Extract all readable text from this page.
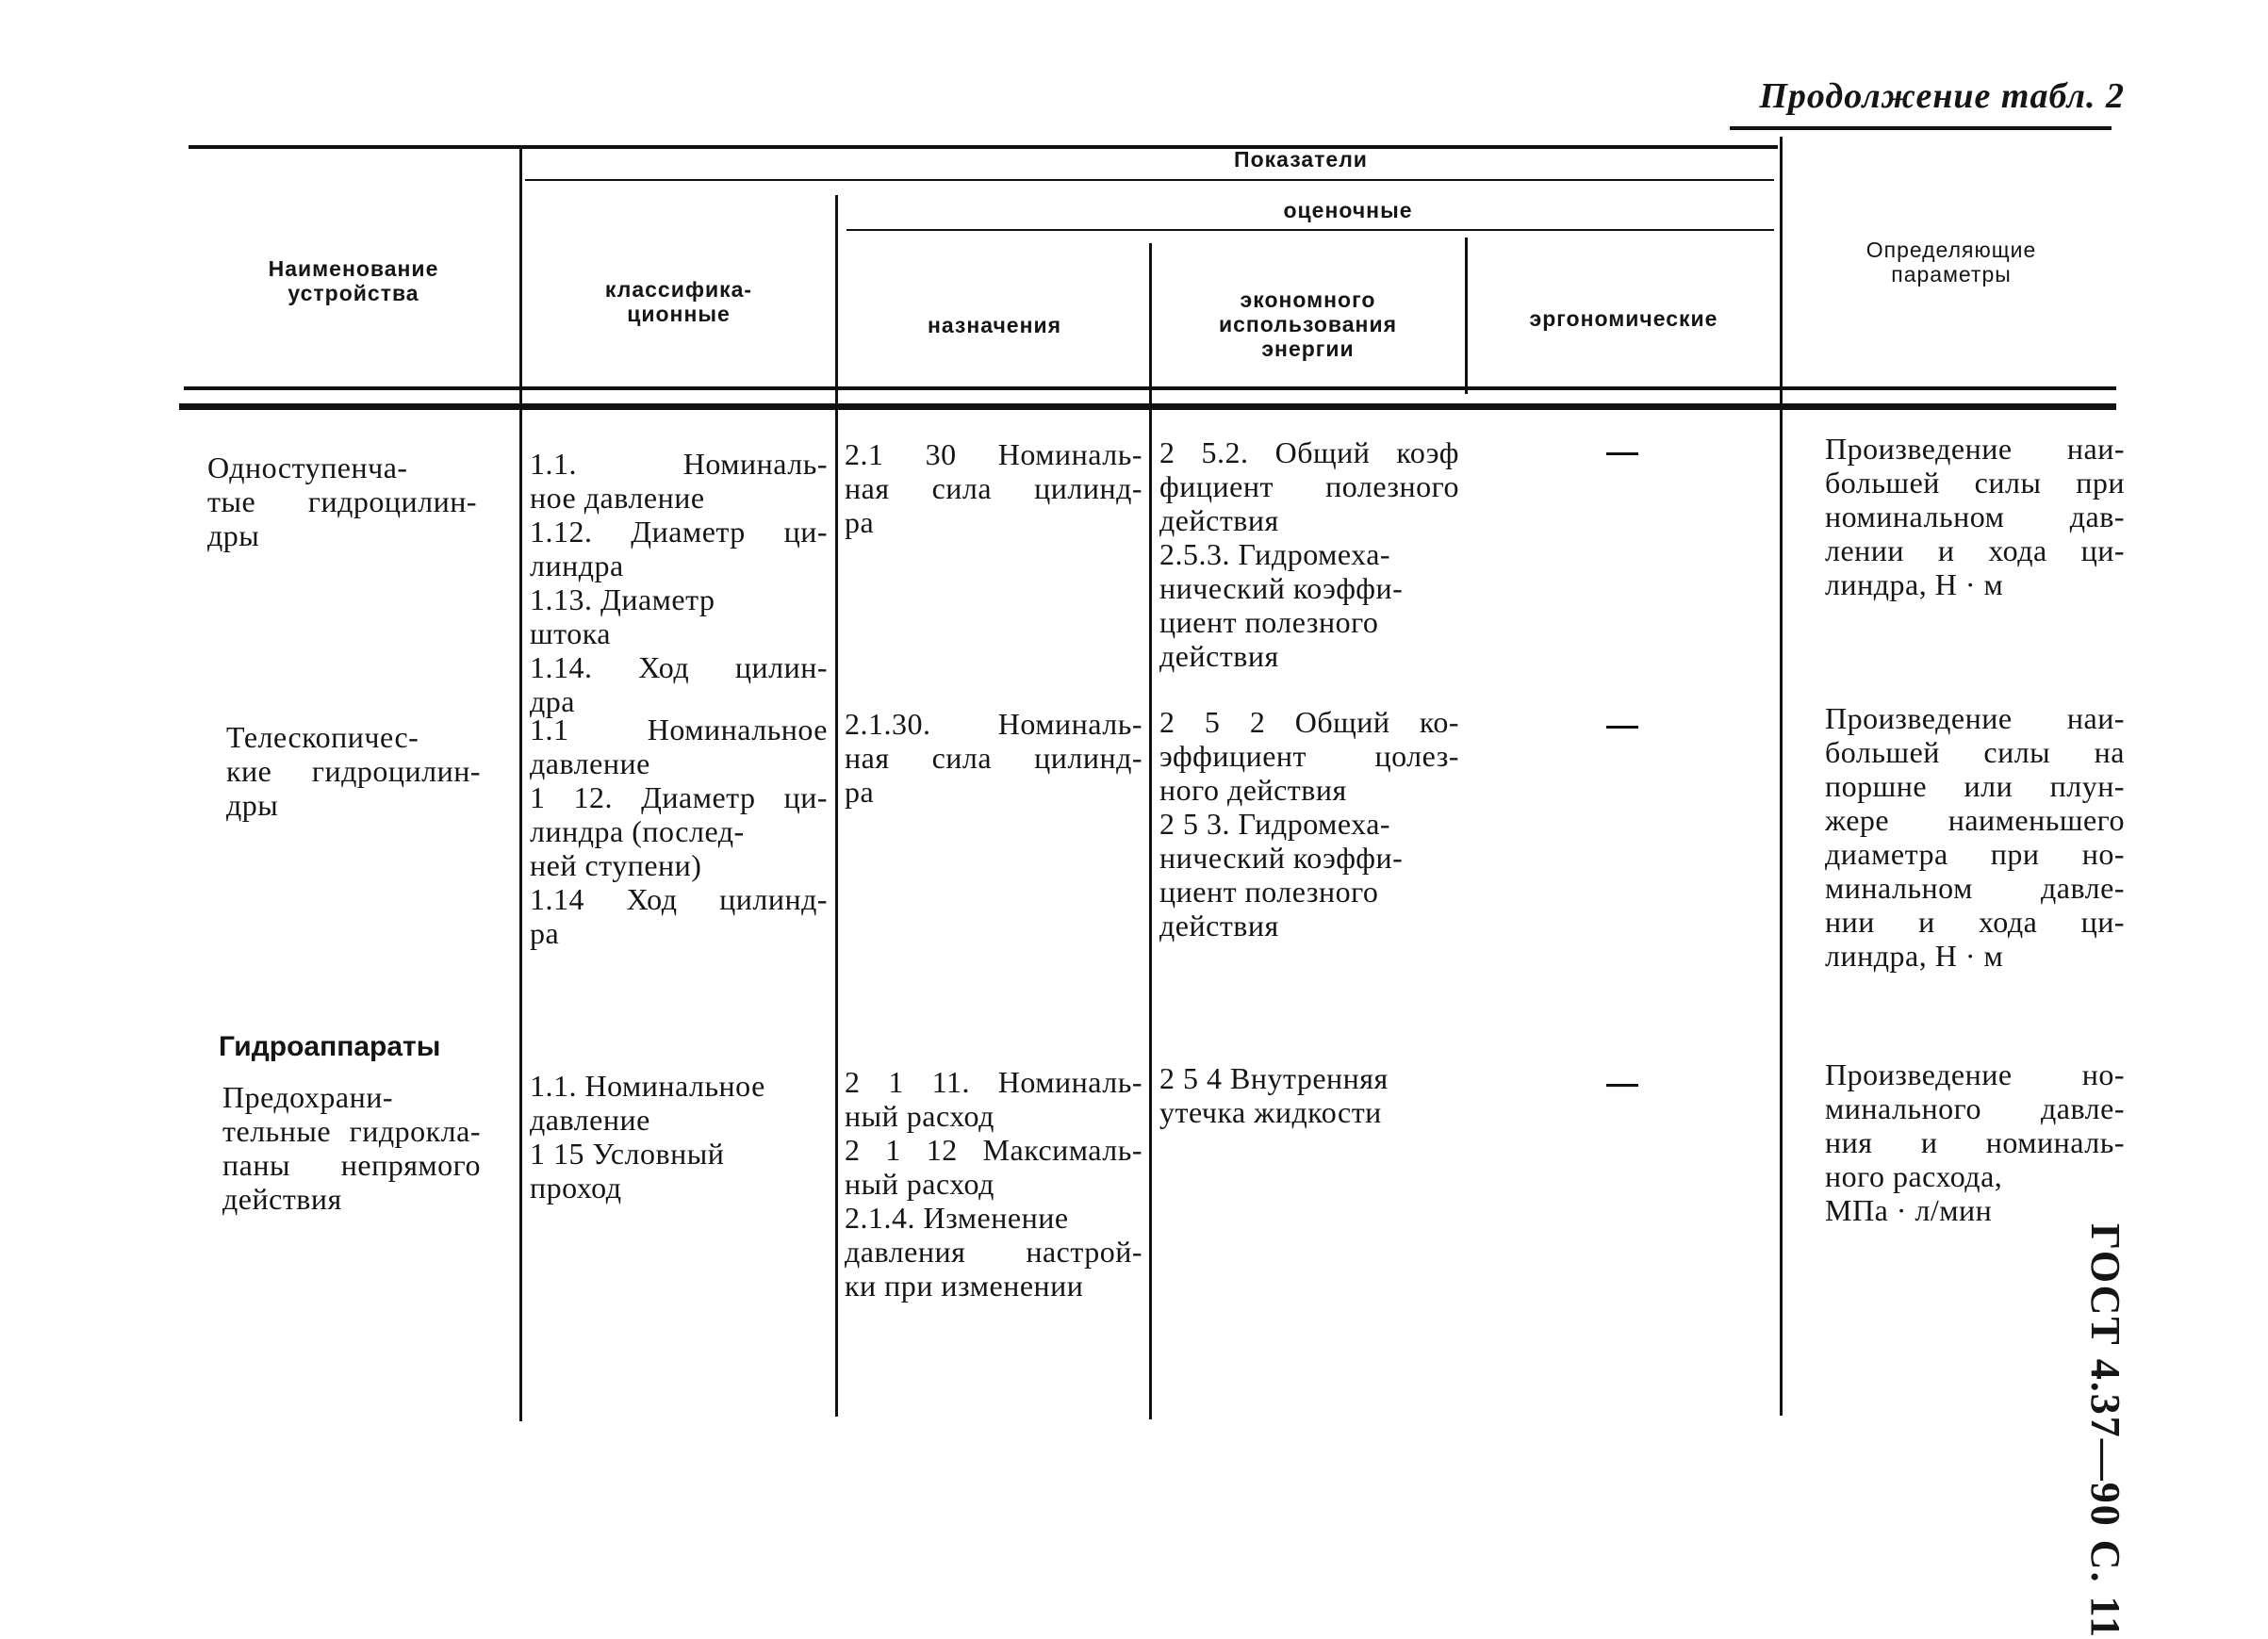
Продолжение табл. 2
Наименование
устройства
Показатели
оценочные
классифика-
ционные	назначения
экономного
использования
энергии
эргономические
Определяющие
параметры
Одноступенча-
тые гидроцилин-
дры
1.1. Номиналь-
ное давление
1.12. Диаметр ци-
линдра
1.13. Диаметр
штока
1.14. Ход цилин-
дра
2.1 30 Номиналь-
ная сила цилинд-
ра
2 5.2. Общий коэф
фициент полезного
действия
2.5.3. Гидромеха-
нический коэффи-
циент полезного
действия
Произведение наи-
большей силы при
номинальном дав-
лении и хода ци-
линдра, Н · м
Телескопичес-
кие гидроцилин-
дры
1.1 Номинальное
давление
1 12. Диаметр ци-
линдра (послед-
ней ступени)
1.14 Ход цилинд-
ра
2.1.30. Номиналь-
ная сила цилинд-
ра
2 5 2 Общий ко-
эффициент цолез-
ного действия
2 5 3. Гидромеха-
нический коэффи-
циент полезного
действия
Произведение наи-
большей силы на
поршне или плун-
жере наименьшего
диаметра при но-
минальном давле-
нии и хода ци-
линдра, Н · м
Гидроаппараты
Предохрани-
тельные гидрокла-
паны непрямого
действия
1.1. Номинальное
давление
1 15 Условный
проход
2 1 11. Номиналь-
ный расход
2 1 12 Максималь-
ный расход
2.1.4. Изменение
давления настрой-
ки при изменении
2 5 4 Внутренняя
утечка жидкости
Произведение но-
минального давле-
ния и номиналь-
ного расхода,
МПа · л/мин
ГОСТ 4.37—90 С. 11
